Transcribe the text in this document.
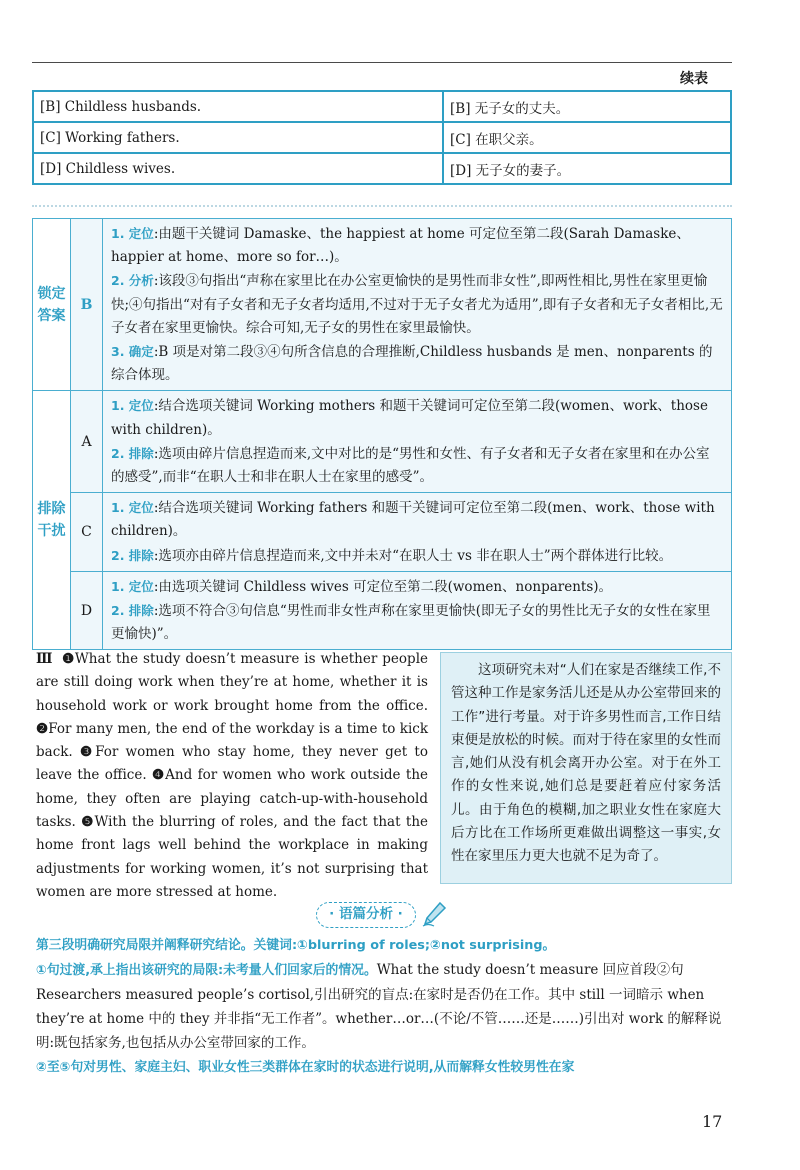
续表
[B] Childless husbands.	[B] 无子女的丈夫。
[C] Working fathers.	[C] 在职父亲。
[D] Childless wives.	[D] 无子女的妻子。
锁定答案	B	1. 定位:由题干关键词 Damaske、the happiest at home 可定位至第二段(Sarah Damaske、happier at home、more so for…)。
2. 分析:该段③句指出“声称在家里比在办公室更愉快的是男性而非女性”,即两性相比,男性在家里更愉快;④句指出“对有子女者和无子女者均适用,不过对于无子女者尤为适用”,即有子女者和无子女者相比,无子女者在家里更愉快。综合可知,无子女的男性在家里最愉快。
3. 确定:B 项是对第二段③④句所含信息的合理推断,Childless husbands 是 men、nonparents 的综合体现。

排除干扰	A	1. 定位:结合选项关键词 Working mothers 和题干关键词可定位至第二段(women、work、those with children)。
2. 排除:选项由碎片信息捏造而来,文中对比的是“男性和女性、有子女者和无子女者在家里和在办公室的感受”,而非“在职人士和非在职人士在家里的感受”。

	C	1. 定位:结合选项关键词 Working fathers 和题干关键词可定位至第二段(men、work、those with children)。
2. 排除:选项亦由碎片信息捏造而来,文中并未对“在职人士 vs 非在职人士”两个群体进行比较。

	D	1. 定位:由选项关键词 Childless wives 可定位至第二段(women、nonparents)。
2. 排除:选项不符合③句信息“男性而非女性声称在家里更愉快(即无子女的男性比无子女的女性在家里更愉快)”。
Ⅲ ❶What the study doesn’t measure is whether people are still doing work when they’re at home, whether it is household work or work brought home from the office. ❷For many men, the end of the workday is a time to kick back. ❸For women who stay home, they never get to leave the office. ❹And for women who work outside the home, they often are playing catch-up-with-household tasks. ❺With the blurring of roles, and the fact that the home front lags well behind the workplace in making adjustments for working women, it’s not surprising that women are more stressed at home.
这项研究未对“人们在家是否继续工作,不管这种工作是家务活儿还是从办公室带回来的工作”进行考量。对于许多男性而言,工作日结束便是放松的时候。而对于待在家里的女性而言,她们从没有机会离开办公室。对于在外工作的女性来说,她们总是要赶着应付家务活儿。由于角色的模糊,加之职业女性在家庭大后方比在工作场所更难做出调整这一事实,女性在家里压力更大也就不足为奇了。
· 语篇分析 ·

第三段明确研究局限并阐释研究结论。关键词:①blurring of roles;②not surprising。

①句过渡,承上指出该研究的局限:未考量人们回家后的情况。What the study doesn’t measure 回应首段②句 Researchers measured people’s cortisol,引出研究的盲点:在家时是否仍在工作。其中 still 一词暗示 when they’re at home 中的 they 并非指“无工作者”。whether…or…(不论/不管……还是……)引出对 work 的解释说明:既包括家务,也包括从办公室带回家的工作。

②至⑤句对男性、家庭主妇、职业女性三类群体在家时的状态进行说明,从而解释女性较男性在家

17
